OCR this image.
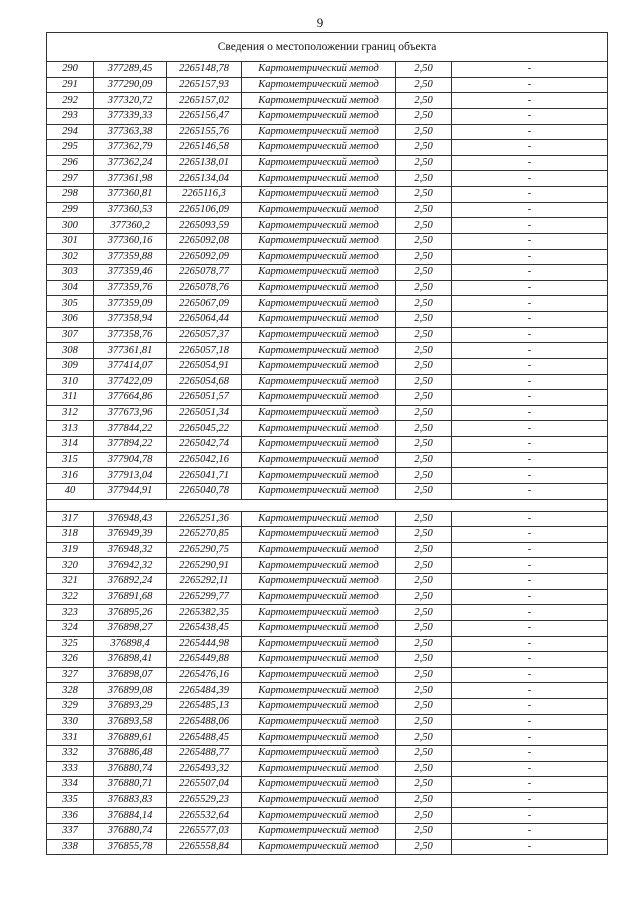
9
Сведения о местоположении границ объекта					
290	377289,45	2265148,78	Картометрический метод	2,50	-
291	377290,09	2265157,93	Картометрический метод	2,50	-
292	377320,72	2265157,02	Картометрический метод	2,50	-
293	377339,33	2265156,47	Картометрический метод	2,50	-
294	377363,38	2265155,76	Картометрический метод	2,50	-
295	377362,79	2265146,58	Картометрический метод	2,50	-
296	377362,24	2265138,01	Картометрический метод	2,50	-
297	377361,98	2265134,04	Картометрический метод	2,50	-
298	377360,81	2265116,3	Картометрический метод	2,50	-
299	377360,53	2265106,09	Картометрический метод	2,50	-
300	377360,2	2265093,59	Картометрический метод	2,50	-
301	377360,16	2265092,08	Картометрический метод	2,50	-
302	377359,88	2265092,09	Картометрический метод	2,50	-
303	377359,46	2265078,77	Картометрический метод	2,50	-
304	377359,76	2265078,76	Картометрический метод	2,50	-
305	377359,09	2265067,09	Картометрический метод	2,50	-
306	377358,94	2265064,44	Картометрический метод	2,50	-
307	377358,76	2265057,37	Картометрический метод	2,50	-
308	377361,81	2265057,18	Картометрический метод	2,50	-
309	377414,07	2265054,91	Картометрический метод	2,50	-
310	377422,09	2265054,68	Картометрический метод	2,50	-
311	377664,86	2265051,57	Картометрический метод	2,50	-
312	377673,96	2265051,34	Картометрический метод	2,50	-
313	377844,22	2265045,22	Картометрический метод	2,50	-
314	377894,22	2265042,74	Картометрический метод	2,50	-
315	377904,78	2265042,16	Картометрический метод	2,50	-
316	377913,04	2265041,71	Картометрический метод	2,50	-
40	377944,91	2265040,78	Картометрический метод	2,50	-

317	376948,43	2265251,36	Картометрический метод	2,50	-
318	376949,39	2265270,85	Картометрический метод	2,50	-
319	376948,32	2265290,75	Картометрический метод	2,50	-
320	376942,32	2265290,91	Картометрический метод	2,50	-
321	376892,24	2265292,11	Картометрический метод	2,50	-
322	376891,68	2265299,77	Картометрический метод	2,50	-
323	376895,26	2265382,35	Картометрический метод	2,50	-
324	376898,27	2265438,45	Картометрический метод	2,50	-
325	376898,4	2265444,98	Картометрический метод	2,50	-
326	376898,41	2265449,88	Картометрический метод	2,50	-
327	376898,07	2265476,16	Картометрический метод	2,50	-
328	376899,08	2265484,39	Картометрический метод	2,50	-
329	376893,29	2265485,13	Картометрический метод	2,50	-
330	376893,58	2265488,06	Картометрический метод	2,50	-
331	376889,61	2265488,45	Картометрический метод	2,50	-
332	376886,48	2265488,77	Картометрический метод	2,50	-
333	376880,74	2265493,32	Картометрический метод	2,50	-
334	376880,71	2265507,04	Картометрический метод	2,50	-
335	376883,83	2265529,23	Картометрический метод	2,50	-
336	376884,14	2265532,64	Картометрический метод	2,50	-
337	376880,74	2265577,03	Картометрический метод	2,50	-
338	376855,78	2265558,84	Картометрический метод	2,50	-
